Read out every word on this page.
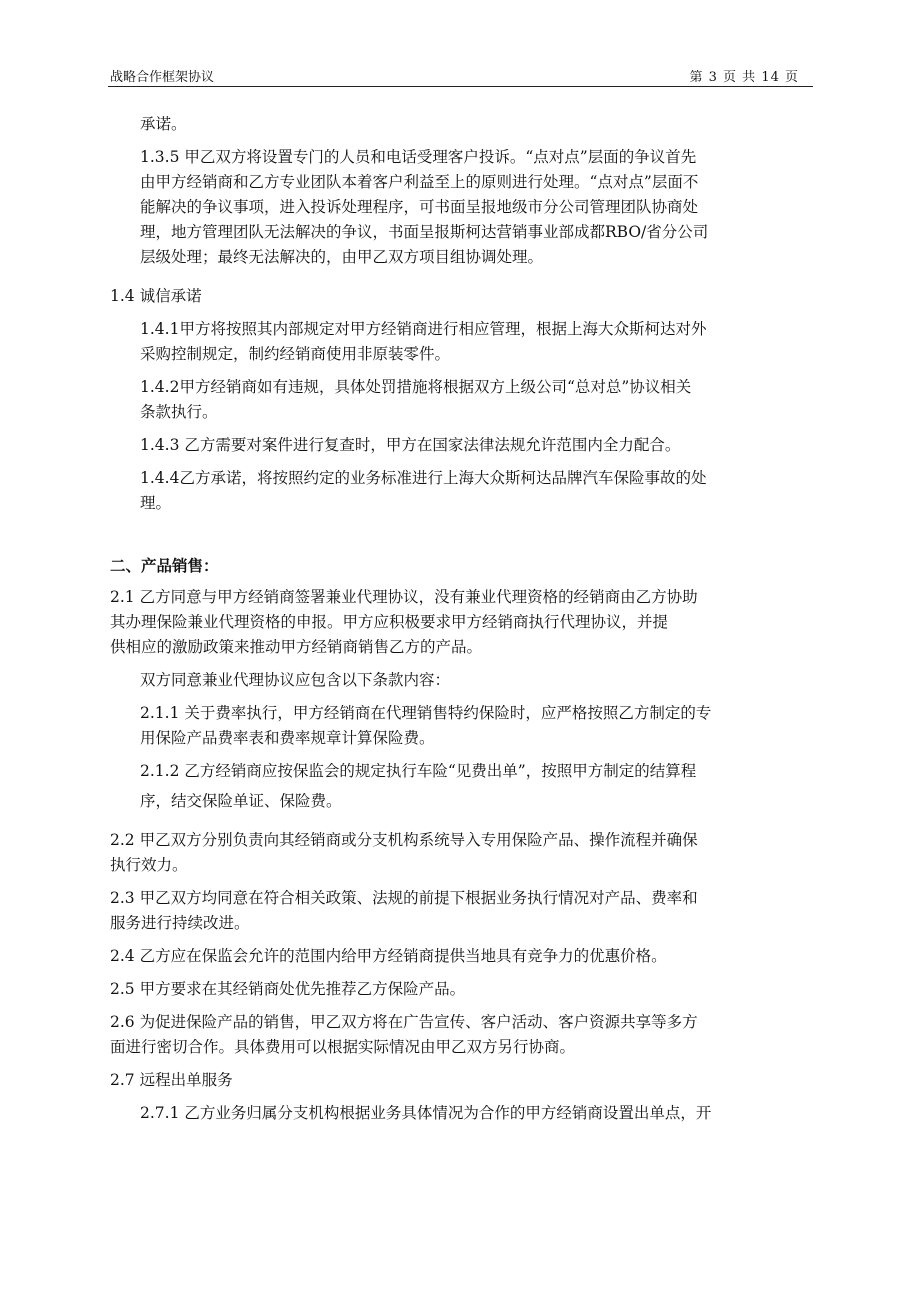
战略合作框架协议	第 3 页 共 14 页
承诺。
1.3.5 甲乙双方将设置专门的人员和电话受理客户投诉。“点对点”层面的争议首先
由甲方经销商和乙方专业团队本着客户利益至上的原则进行处理。“点对点”层面不
能解决的争议事项，进入投诉处理程序，可书面呈报地级市分公司管理团队协商处
理，地方管理团队无法解决的争议，书面呈报斯柯达营销事业部成都RBO/省分公司
层级处理；最终无法解决的，由甲乙双方项目组协调处理。
1.4 诚信承诺
1.4.1甲方将按照其内部规定对甲方经销商进行相应管理，根据上海大众斯柯达对外
采购控制规定，制约经销商使用非原装零件。
1.4.2甲方经销商如有违规，具体处罚措施将根据双方上级公司“总对总”协议相关
条款执行。
1.4.3 乙方需要对案件进行复查时，甲方在国家法律法规允许范围内全力配合。
1.4.4乙方承诺，将按照约定的业务标准进行上海大众斯柯达品牌汽车保险事故的处
理。
二、产品销售：
2.1 乙方同意与甲方经销商签署兼业代理协议，没有兼业代理资格的经销商由乙方协助
其办理保险兼业代理资格的申报。甲方应积极要求甲方经销商执行代理协议，并提
供相应的激励政策来推动甲方经销商销售乙方的产品。
双方同意兼业代理协议应包含以下条款内容：
2.1.1 关于费率执行，甲方经销商在代理销售特约保险时，应严格按照乙方制定的专
用保险产品费率表和费率规章计算保险费。
2.1.2 乙方经销商应按保监会的规定执行车险“见费出单”，按照甲方制定的结算程
序，结交保险单证、保险费。
2.2 甲乙双方分别负责向其经销商或分支机构系统导入专用保险产品、操作流程并确保
执行效力。
2.3 甲乙双方均同意在符合相关政策、法规的前提下根据业务执行情况对产品、费率和
服务进行持续改进。
2.4 乙方应在保监会允许的范围内给甲方经销商提供当地具有竞争力的优惠价格。
2.5 甲方要求在其经销商处优先推荐乙方保险产品。
2.6 为促进保险产品的销售，甲乙双方将在广告宣传、客户活动、客户资源共享等多方
面进行密切合作。具体费用可以根据实际情况由甲乙双方另行协商。
2.7 远程出单服务
2.7.1 乙方业务归属分支机构根据业务具体情况为合作的甲方经销商设置出单点，开
